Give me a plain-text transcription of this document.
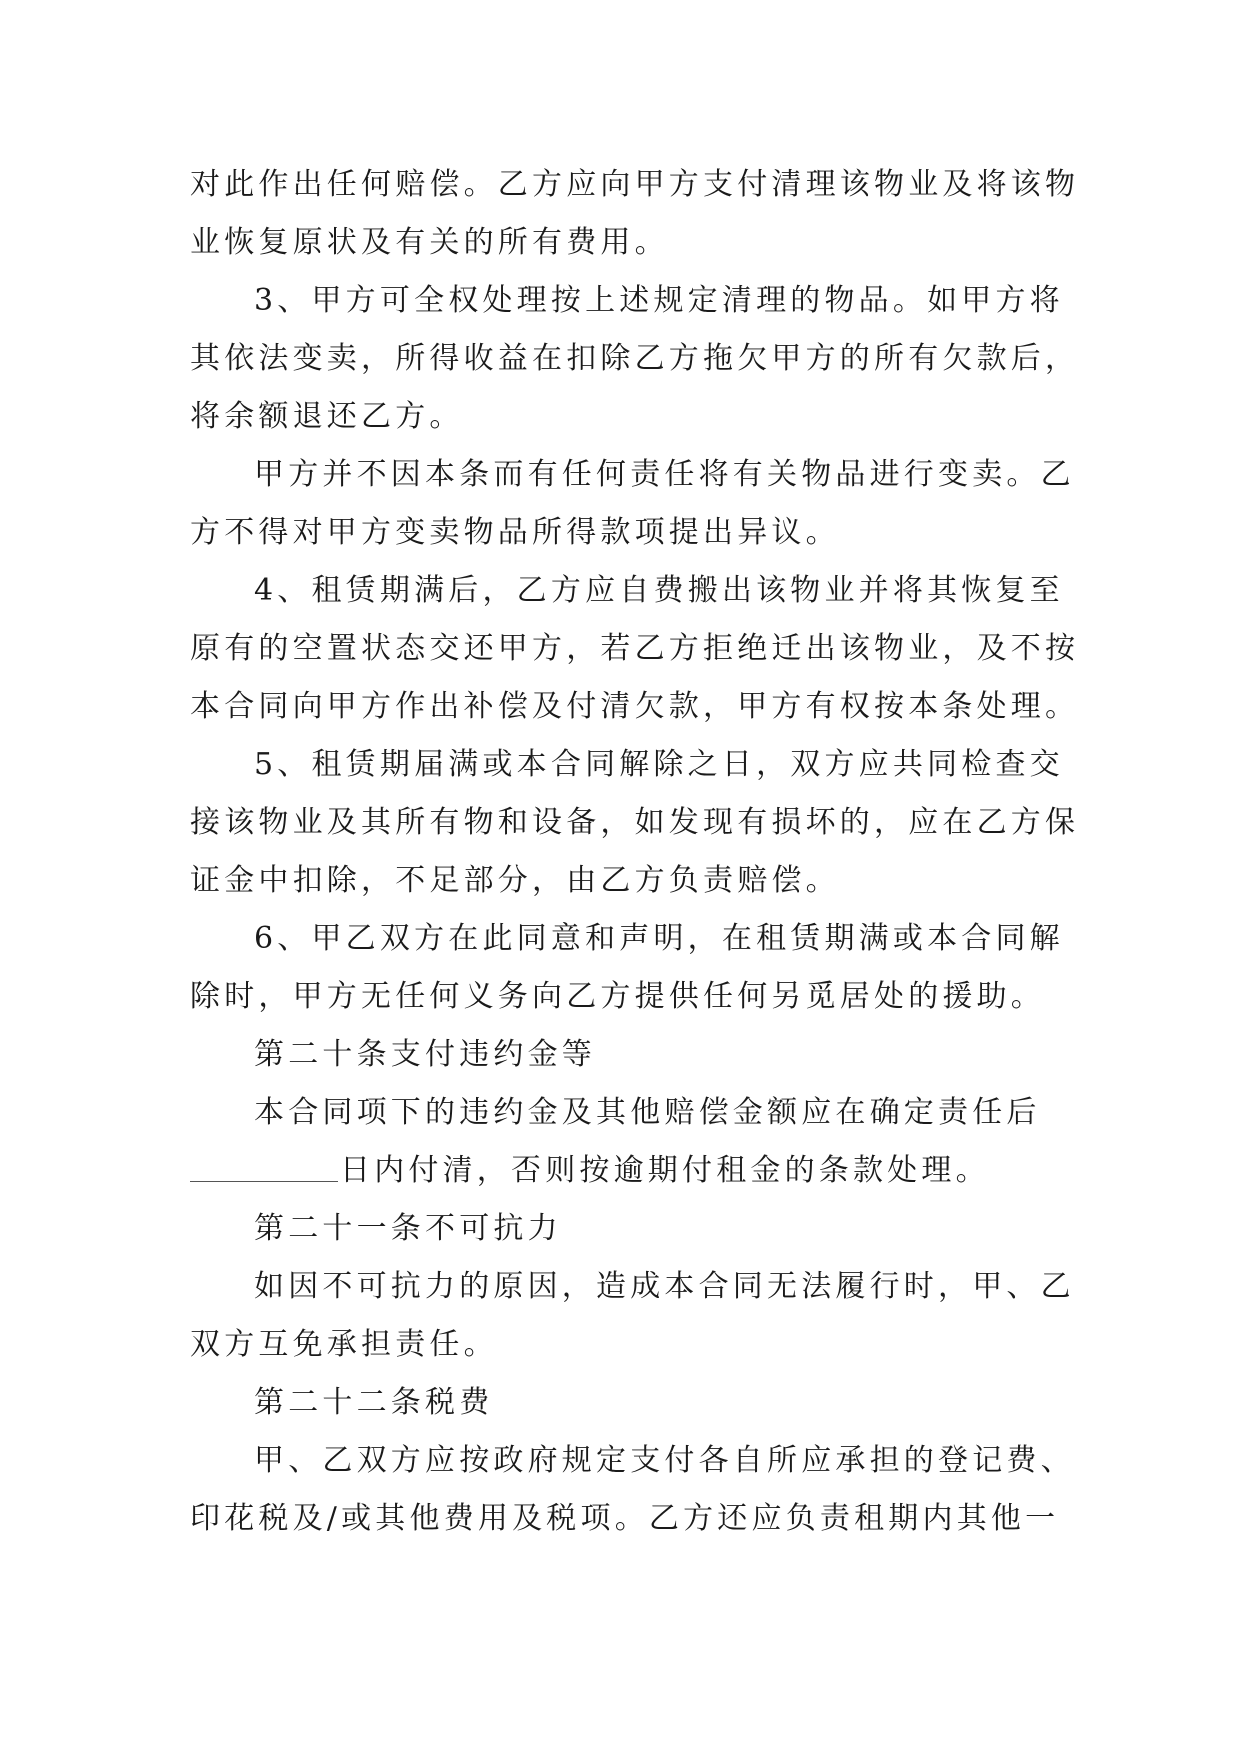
对此作出任何赔偿。乙方应向甲方支付清理该物业及将该物
业恢复原状及有关的所有费用。
3、甲方可全权处理按上述规定清理的物品。如甲方将
其依法变卖，所得收益在扣除乙方拖欠甲方的所有欠款后，
将余额退还乙方。
甲方并不因本条而有任何责任将有关物品进行变卖。乙
方不得对甲方变卖物品所得款项提出异议。
4、租赁期满后，乙方应自费搬出该物业并将其恢复至
原有的空置状态交还甲方，若乙方拒绝迁出该物业，及不按
本合同向甲方作出补偿及付清欠款，甲方有权按本条处理。
5、租赁期届满或本合同解除之日，双方应共同检查交
接该物业及其所有物和设备，如发现有损坏的，应在乙方保
证金中扣除，不足部分，由乙方负责赔偿。
6、甲乙双方在此同意和声明，在租赁期满或本合同解
除时，甲方无任何义务向乙方提供任何另觅居处的援助。
第二十条支付违约金等
本合同项下的违约金及其他赔偿金额应在确定责任后
日内付清，否则按逾期付租金的条款处理。
第二十一条不可抗力
如因不可抗力的原因，造成本合同无法履行时，甲、乙
双方互免承担责任。
第二十二条税费
甲、乙双方应按政府规定支付各自所应承担的登记费、
印花税及/或其他费用及税项。乙方还应负责租期内其他一
